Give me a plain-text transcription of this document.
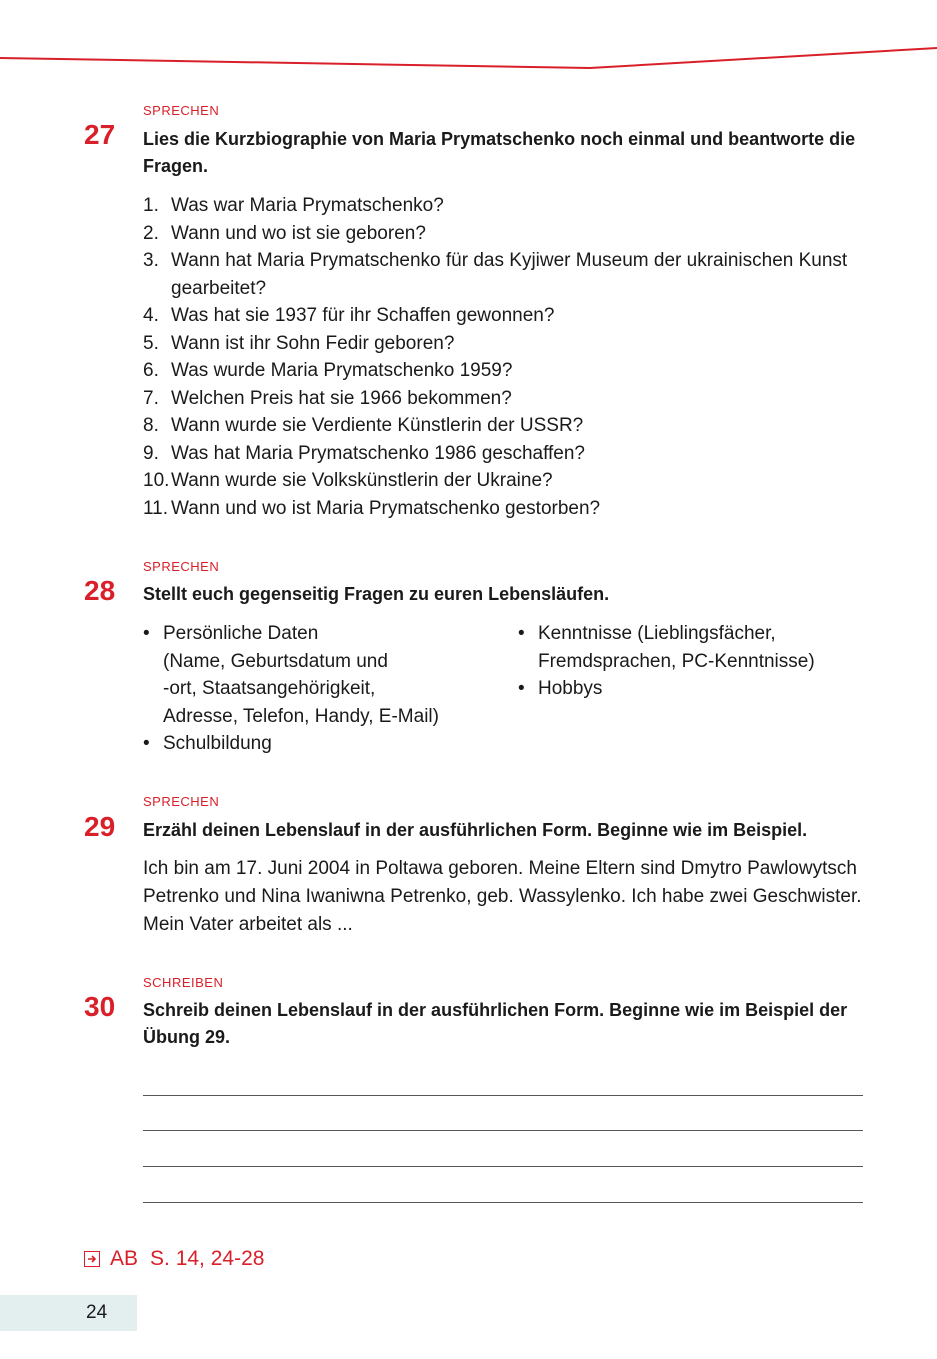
SPRECHEN
27 Lies die Kurzbiographie von Maria Prymatschenko noch einmal und beantworte die Fragen.
1. Was war Maria Prymatschenko?
2. Wann und wo ist sie geboren?
3. Wann hat Maria Prymatschenko für das Kyjiwer Museum der ukrainischen Kunst gearbeitet?
4. Was hat sie 1937 für ihr Schaffen gewonnen?
5. Wann ist ihr Sohn Fedir geboren?
6. Was wurde Maria Prymatschenko 1959?
7. Welchen Preis hat sie 1966 bekommen?
8. Wann wurde sie Verdiente Künstlerin der USSR?
9. Was hat Maria Prymatschenko 1986 geschaffen?
10. Wann wurde sie Volkskünstlerin der Ukraine?
11. Wann und wo ist Maria Prymatschenko gestorben?
SPRECHEN
28 Stellt euch gegenseitig Fragen zu euren Lebensläufen.
• Persönliche Daten
(Name, Geburtsdatum und
-ort, Staatsangehörigkeit,
Adresse, Telefon, Handy, E-Mail)
• Schulbildung
• Kenntnisse (Lieblingsfächer,
Fremdsprachen, PC-Kenntnisse)
• Hobbys
SPRECHEN
29 Erzähl deinen Lebenslauf in der ausführlichen Form. Beginne wie im Beispiel.
Ich bin am 17. Juni 2004 in Poltawa geboren. Meine Eltern sind Dmytro Pawlowytsch Petrenko und Nina Iwaniwna Petrenko, geb. Wassylenko. Ich habe zwei Geschwister. Mein Vater arbeitet als ...
SCHREIBEN
30 Schreib deinen Lebenslauf in der ausführlichen Form. Beginne wie im Beispiel der Übung 29.
AB S. 14, 24-28
24
